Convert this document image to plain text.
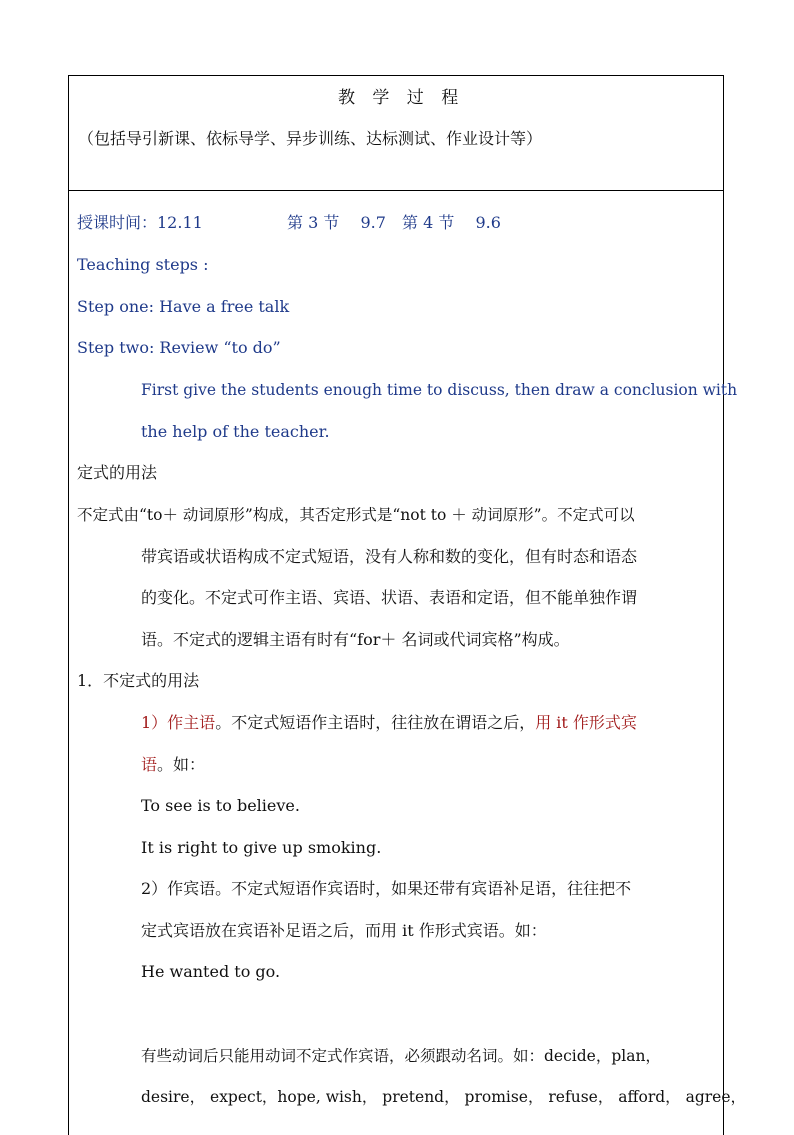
教 学 过 程
（包括导引新课、依标导学、异步训练、达标测试、作业设计等）
授课时间：12.11	第 3 节　 9.7 第 4 节　 9.6
Teaching steps :
Step one: Have a free talk
Step two: Review “to do”
First give the students enough time to discuss, then draw a conclusion with
the help of the teacher.
定式的用法
不定式由“to＋ 动词原形”构成，其否定形式是“not to ＋ 动词原形”。不定式可以
带宾语或状语构成不定式短语，没有人称和数的变化，但有时态和语态
的变化。不定式可作主语、宾语、状语、表语和定语，但不能单独作谓
语。不定式的逻辑主语有时有“for＋ 名词或代词宾格”构成。
1．不定式的用法
1）作主语。不定式短语作主语时，往往放在谓语之后，用 it 作形式宾
语。如：
To see is to believe.
It is right to give up smoking.
2）作宾语。不定式短语作宾语时，如果还带有宾语补足语，往往把不
定式宾语放在宾语补足语之后，而用 it 作形式宾语。如：
He wanted to go.
有些动词后只能用动词不定式作宾语，必须跟动名词。如：decide，plan，
desire， expect，hope, wish， pretend， promise， refuse， afford， agree，
